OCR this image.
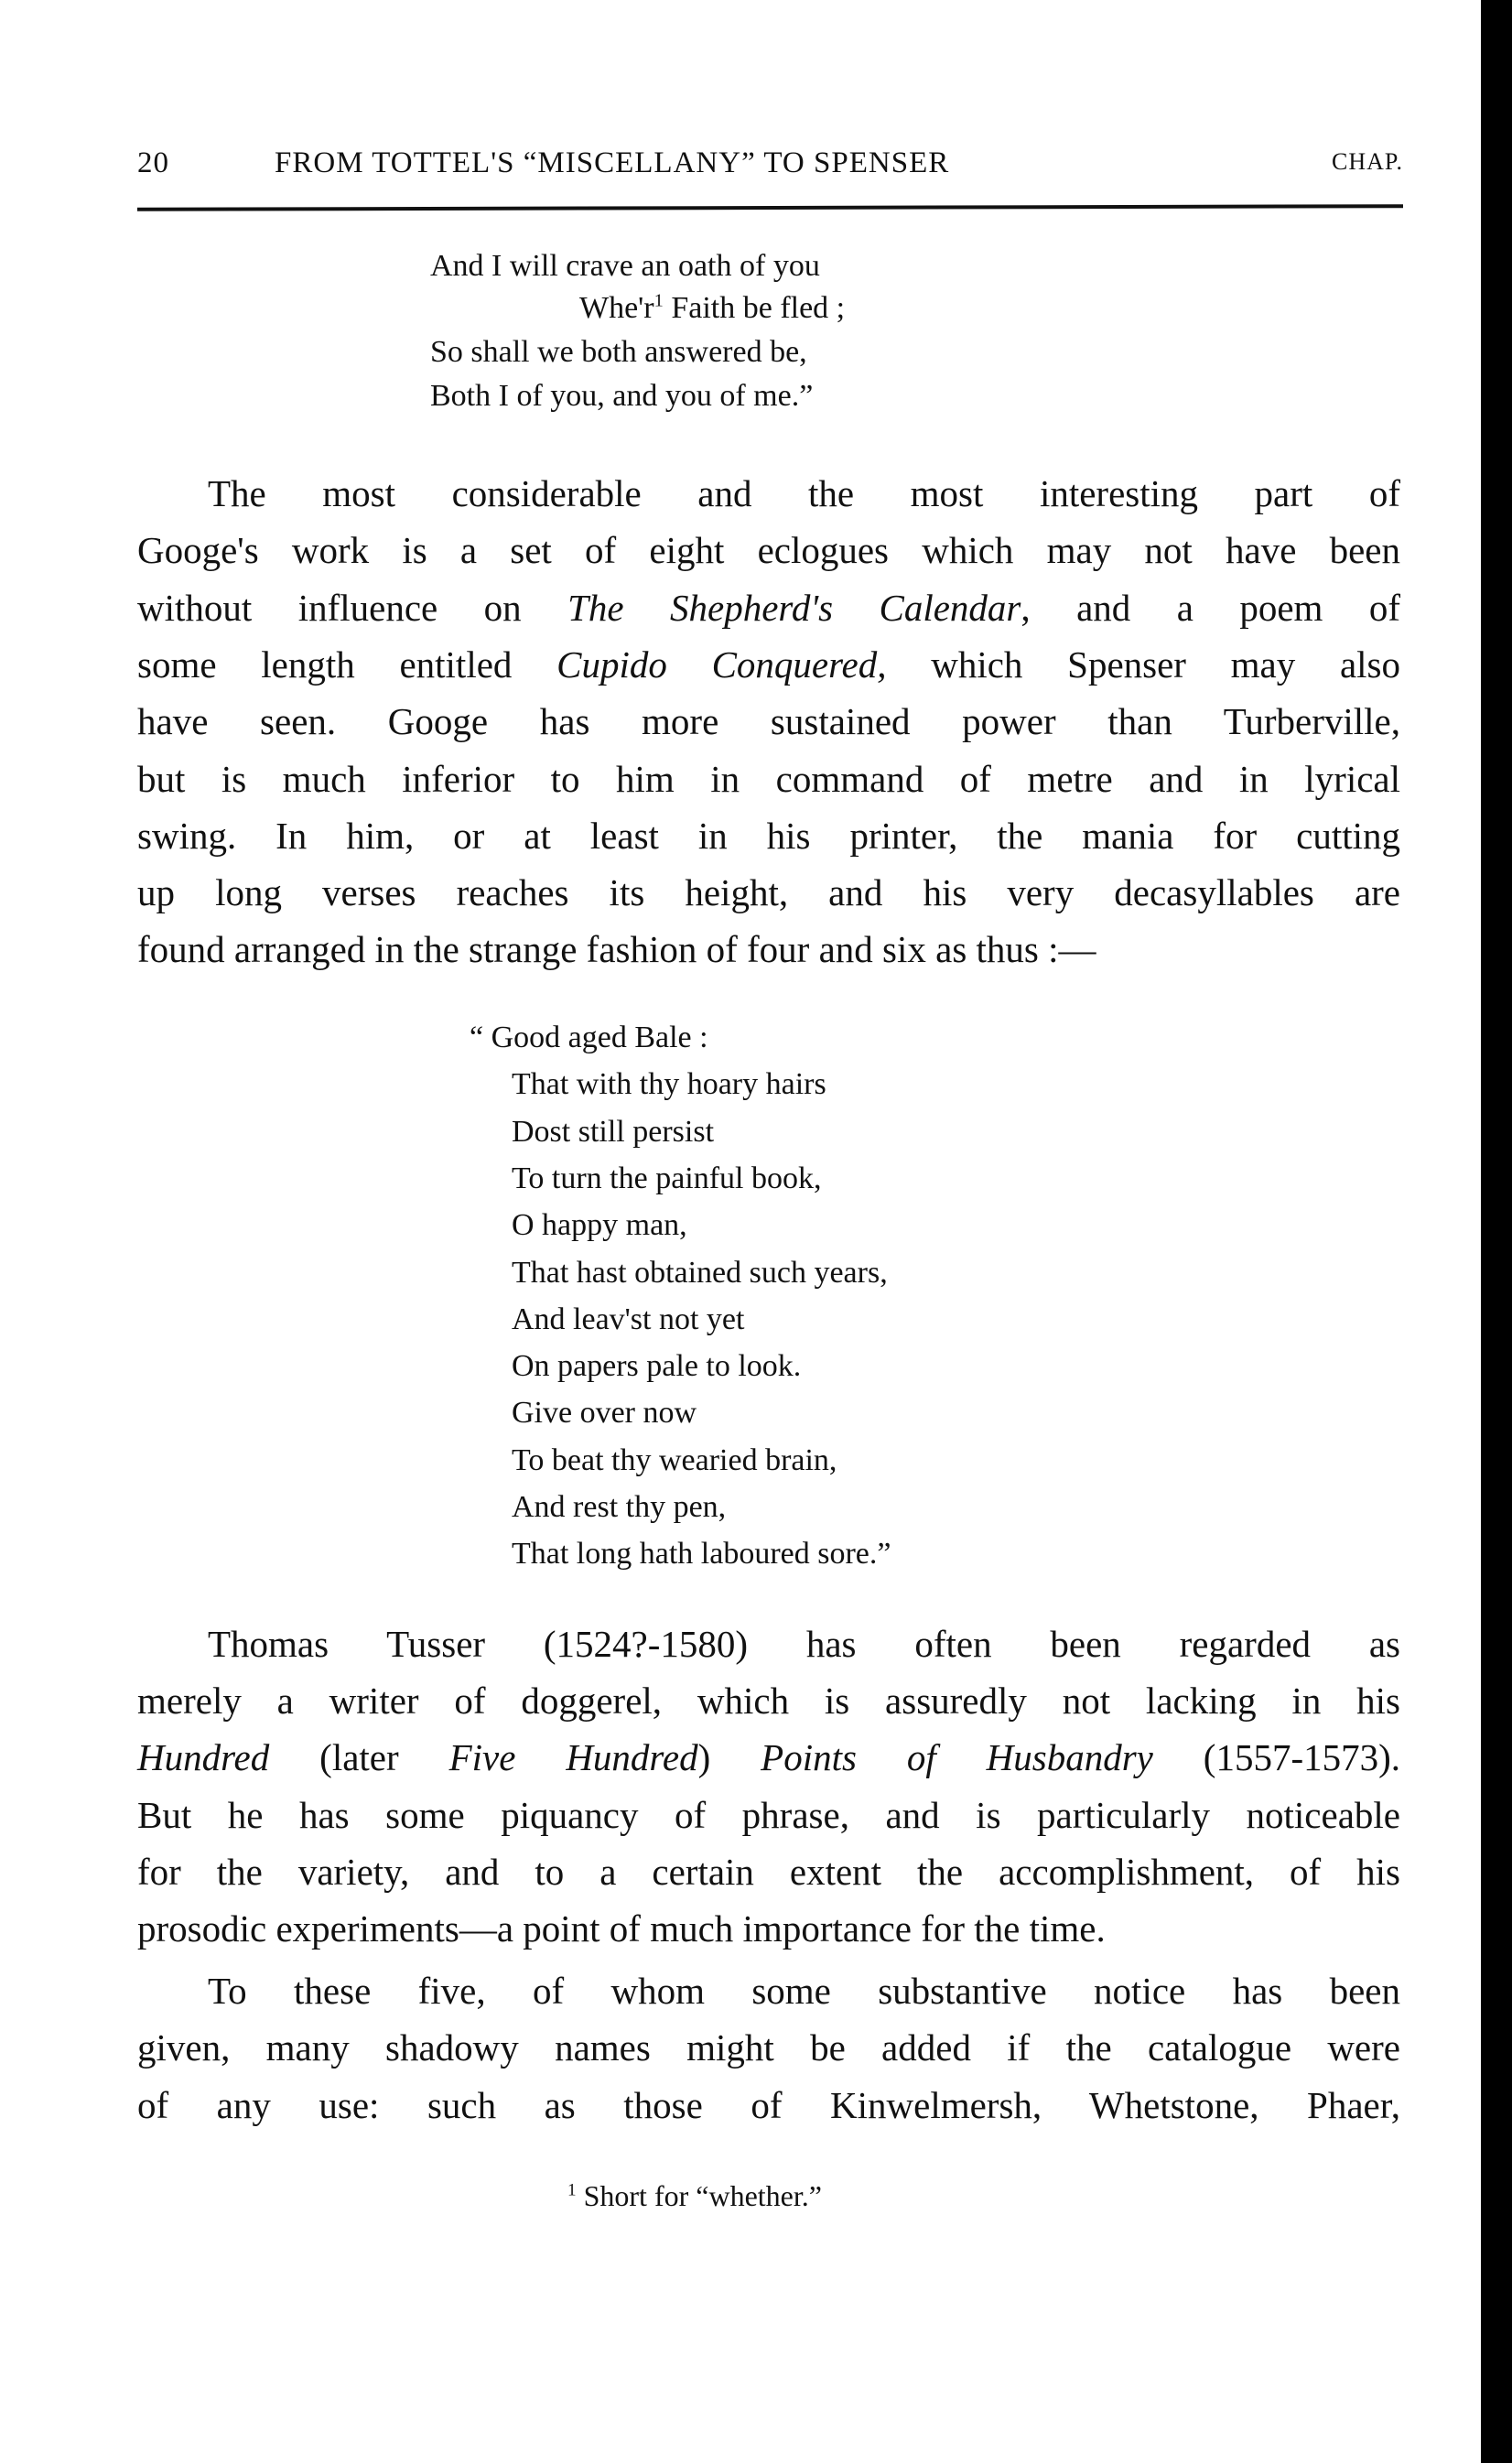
20	FROM TOTTEL'S “MISCELLANY” TO SPENSER	CHAP.
And I will crave an oath of you
$Whe'r^1$ Faith be fled ;
So shall we both answered be,
Both I of you, and you of me.”
The most considerable and the most interesting part of
Googe's work is a set of eight eclogues which may not have been
without influence on The Shepherd's Calendar, and a poem of
some length entitled Cupido Conquered, which Spenser may also
have seen. Googe has more sustained power than Turberville,
but is much inferior to him in command of metre and in lyrical
swing. In him, or at least in his printer, the mania for cutting
up long verses reaches its height, and his very decasyllables are
found arranged in the strange fashion of four and six as thus :—
“ Good aged Bale :
That with thy hoary hairs
Dost still persist
To turn the painful book,
O happy man,
That hast obtained such years,
And leav'st not yet
On papers pale to look.
Give over now
To beat thy wearied brain,
And rest thy pen,
That long hath laboured sore.”
Thomas Tusser (1524?-1580) has often been regarded as
merely a writer of doggerel, which is assuredly not lacking in his
Hundred (later Five Hundred) Points of Husbandry (1557-1573).
But he has some piquancy of phrase, and is particularly noticeable
for the variety, and to a certain extent the accomplishment, of his
prosodic experiments—a point of much importance for the time.
To these five, of whom some substantive notice has been
given, many shadowy names might be added if the catalogue were
of any use: such as those of Kinwelmersh, Whetstone, Phaer,
$^1$ Short for “whether.”
